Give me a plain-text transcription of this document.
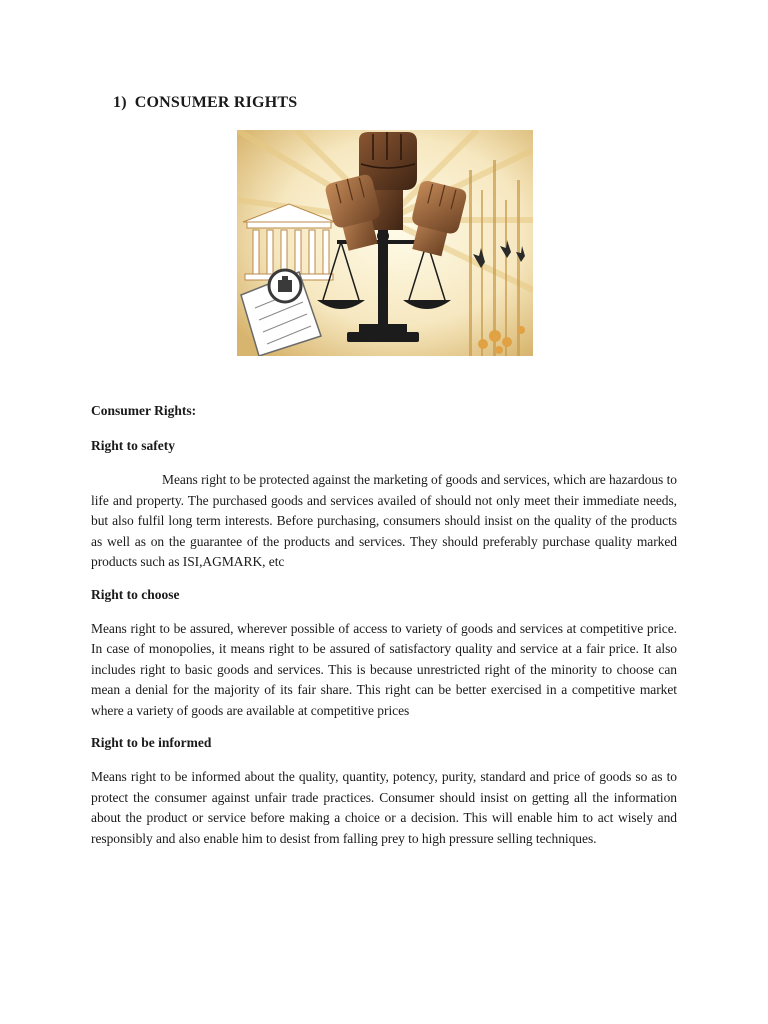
1) CONSUMER RIGHTS

Consumer Rights:

Right to safety

Means right to be protected against the marketing of goods and services, which are hazardous to life and property. The purchased goods and services availed of should not only meet their immediate needs, but also fulfil long term interests. Before purchasing, consumers should insist on the quality of the products as well as on the guarantee of the products and services. They should preferably purchase quality marked products such as ISI,AGMARK, etc

Right to choose

Means right to be assured, wherever possible of access to variety of goods and services at competitive price. In case of monopolies, it means right to be assured of satisfactory quality and service at a fair price. It also includes right to basic goods and services. This is because unrestricted right of the minority to choose can mean a denial for the majority of its fair share. This right can be better exercised in a competitive market where a variety of goods are available at competitive prices

Right to be informed

Means right to be informed about the quality, quantity, potency, purity, standard and price of goods so as to protect the consumer against unfair trade practices. Consumer should insist on getting all the information about the product or service before making a choice or a decision. This will enable him to act wisely and responsibly and also enable him to desist from falling prey to high pressure selling techniques.
